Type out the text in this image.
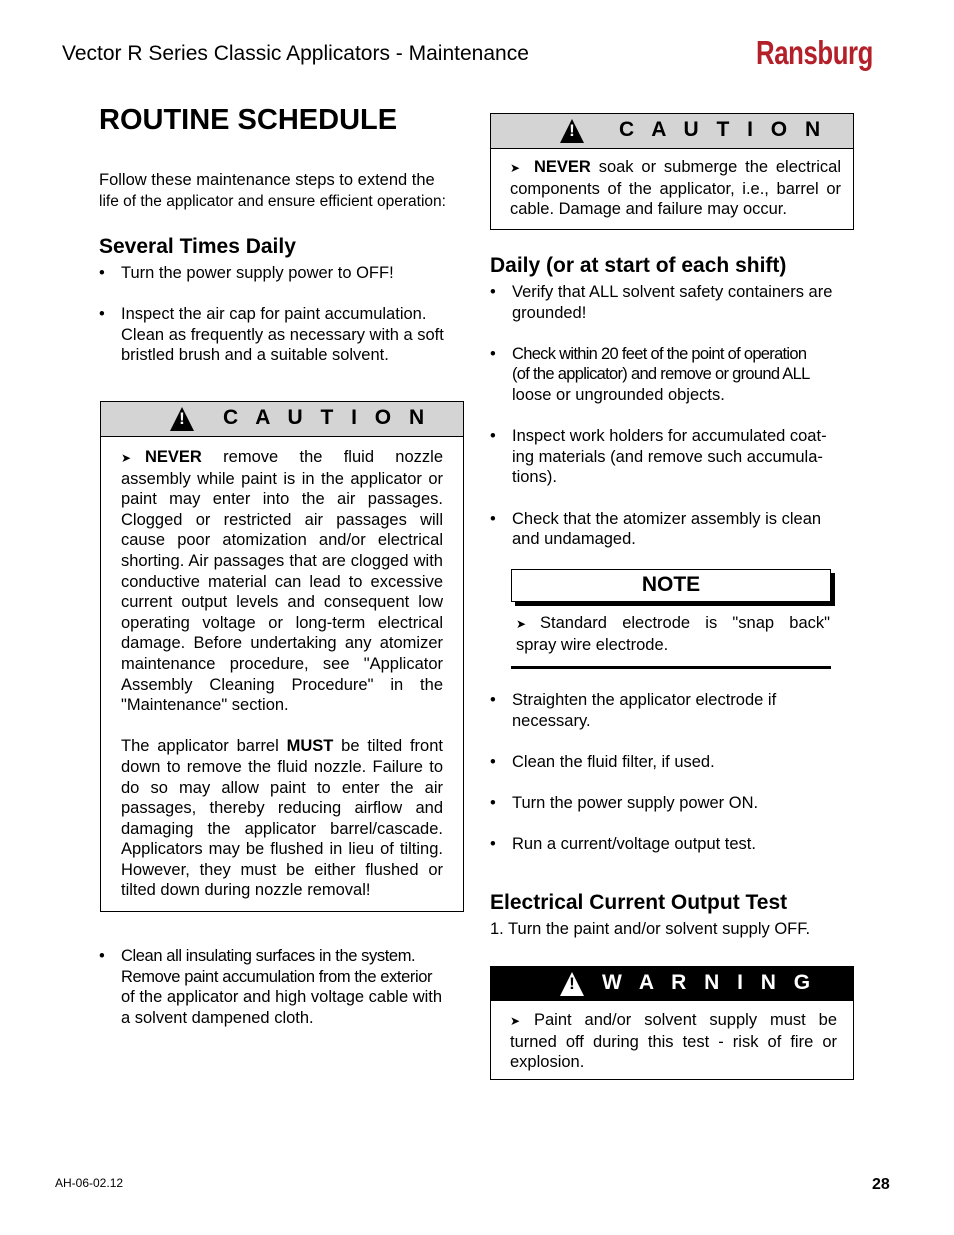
Vector R Series Classic Applicators - Maintenance	Ransburg
ROUTINE SCHEDULE
Follow these maintenance steps to extend the
life of the applicator and ensure efficient operation:
Several Times Daily
• Turn the power supply power to OFF!
• Inspect the air cap for paint accumulation.
Clean as frequently as necessary with a soft
bristled brush and a suitable solvent.
!	C A U T I O N
➤ NEVER remove the fluid nozzle assembly while paint is in the applicator or paint may enter into the air passages. Clogged or restricted air passages will cause poor atomization and/or electrical shorting. Air passages that are clogged with conductive material can lead to excessive current output levels and consequent low operating voltage or long-term electrical damage. Before undertaking any atomizer maintenance procedure, see "Applicator Assembly Cleaning Procedure" in the "Maintenance" section.
The applicator barrel MUST be tilted front down to remove the fluid nozzle. Failure to do so may allow paint to enter the air passages, thereby reducing airflow and damaging the applicator barrel/cascade. Applicators may be flushed in lieu of tilting. However, they must be either flushed or tilted down during nozzle removal!
• Clean all insulating surfaces in the system.
Remove paint accumulation from the exterior
of the applicator and high voltage cable with
a solvent dampened cloth.
!	C A U T I O N
➤ NEVER soak or submerge the electrical components of the applicator, i.e., barrel or cable. Damage and failure may occur.
Daily (or at start of each shift)
• Verify that ALL solvent safety containers are
grounded!
• Check within 20 feet of the point of operation
(of the applicator) and remove or ground ALL
loose or ungrounded objects.
• Inspect work holders for accumulated coat-
ing materials (and remove such accumula-
tions).
• Check that the atomizer assembly is clean
and undamaged.
NOTE
➤ Standard electrode is "snap back" spray wire electrode.
• Straighten the applicator electrode if
necessary.
• Clean the fluid filter, if used.
• Turn the power supply power ON.
• Run a current/voltage output test.
Electrical Current Output Test
1. Turn the paint and/or solvent supply OFF.
!	W A R N I N G
➤ Paint and/or solvent supply must be turned off during this test - risk of fire or explosion.
AH-06-02.12	28
